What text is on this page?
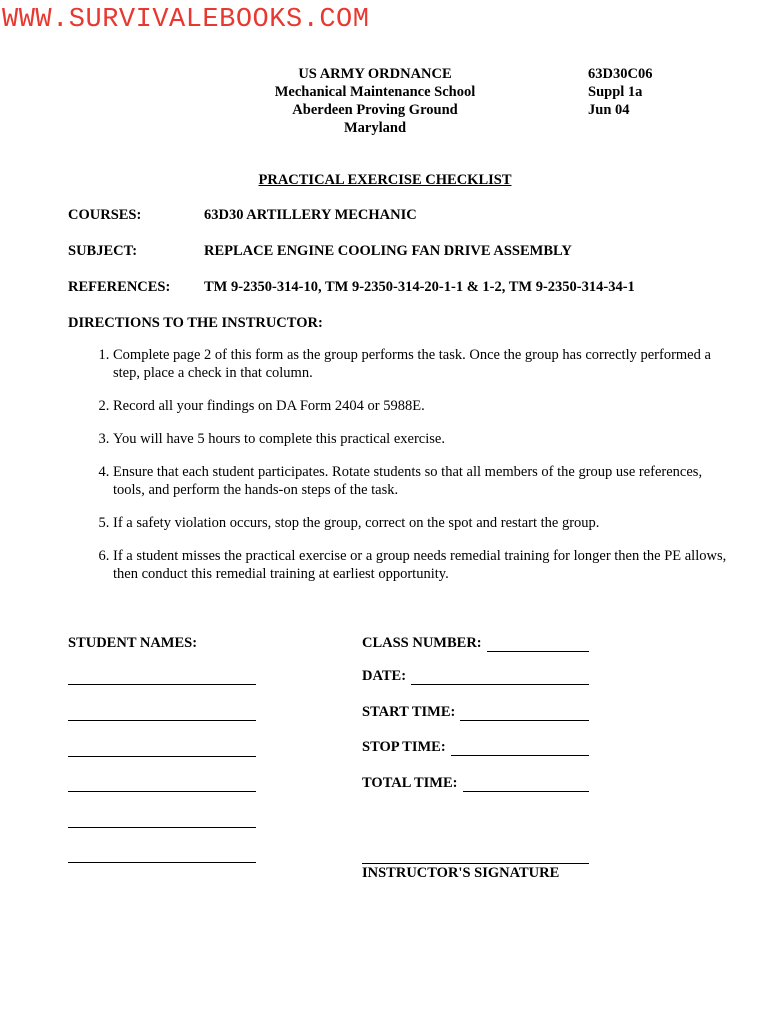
WWW.SURVIVALEBOOKS.COM
US ARMY ORDNANCE
Mechanical Maintenance School
Aberdeen Proving Ground
Maryland
63D30C06
Suppl 1a
Jun 04
PRACTICAL EXERCISE CHECKLIST
COURSES:	63D30 ARTILLERY MECHANIC
SUBJECT:	REPLACE ENGINE COOLING FAN DRIVE ASSEMBLY
REFERENCES: TM 9-2350-314-10, TM 9-2350-314-20-1-1 & 1-2, TM 9-2350-314-34-1
DIRECTIONS TO THE INSTRUCTOR:
1. Complete page 2 of this form as the group performs the task. Once the group has correctly performed a step, place a check in that column.
2. Record all your findings on DA Form 2404 or 5988E.
3. You will have 5 hours to complete this practical exercise.
4. Ensure that each student participates. Rotate students so that all members of the group use references, tools, and perform the hands-on steps of the task.
5. If a safety violation occurs, stop the group, correct on the spot and restart the group.
6. If a student misses the practical exercise or a group needs remedial training for longer then the PE allows, then conduct this remedial training at earliest opportunity.
STUDENT NAMES:	CLASS NUMBER:
DATE:
START TIME:
STOP TIME:
TOTAL TIME:
INSTRUCTOR'S SIGNATURE
